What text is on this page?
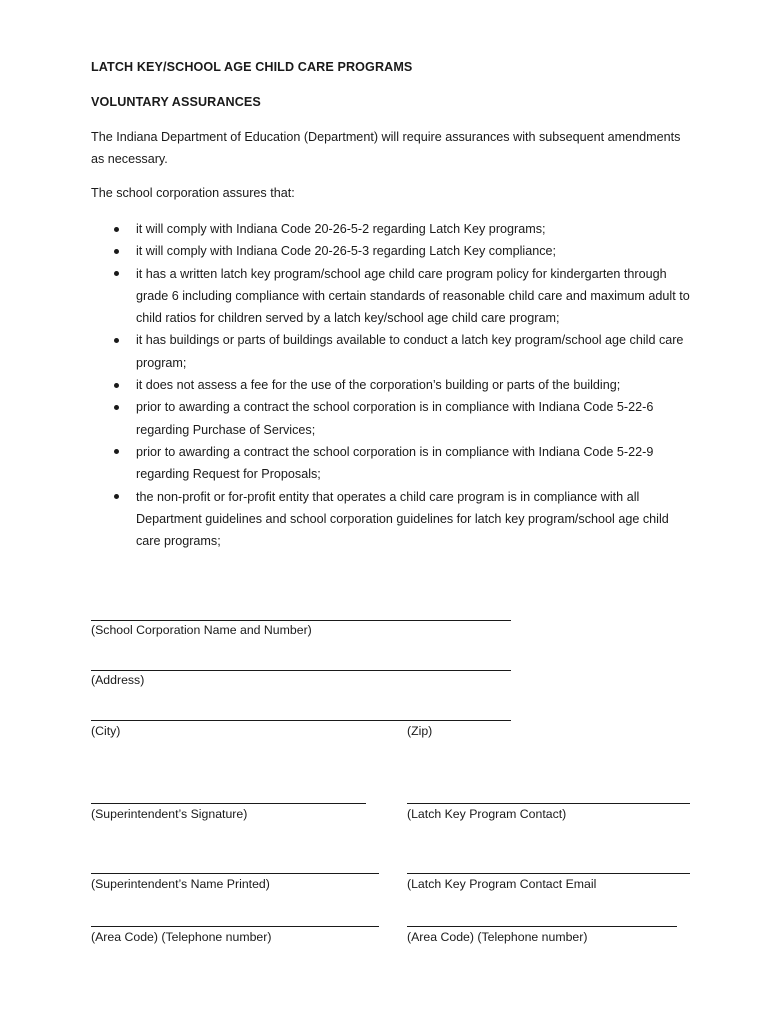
LATCH KEY/SCHOOL AGE CHILD CARE PROGRAMS
VOLUNTARY ASSURANCES
The Indiana Department of Education (Department) will require assurances with subsequent amendments as necessary.
The school corporation assures that:
it will comply with Indiana Code 20-26-5-2 regarding Latch Key programs;
it will comply with Indiana Code 20-26-5-3 regarding Latch Key compliance;
it has a written latch key program/school age child care program policy for kindergarten through grade 6 including compliance with certain standards of reasonable child care and maximum adult to child ratios for children served by a latch key/school age child care program;
it has buildings or parts of buildings available to conduct a latch key program/school age child care program;
it does not assess a fee for the use of the corporation’s building or parts of the building;
prior to awarding a contract the school corporation is in compliance with Indiana Code 5-22-6 regarding Purchase of Services;
prior to awarding a contract the school corporation is in compliance with Indiana Code 5-22-9 regarding Request for Proposals;
the non-profit or for-profit entity that operates a child care program is in compliance with all Department guidelines and school corporation guidelines for latch key program/school age child care programs;
(School Corporation Name and Number)
(Address)
(City)	(Zip)
(Superintendent’s Signature)	(Latch Key Program Contact)
(Superintendent’s Name Printed)	(Latch Key Program Contact Email
(Area Code) (Telephone number)	(Area Code) (Telephone number)
